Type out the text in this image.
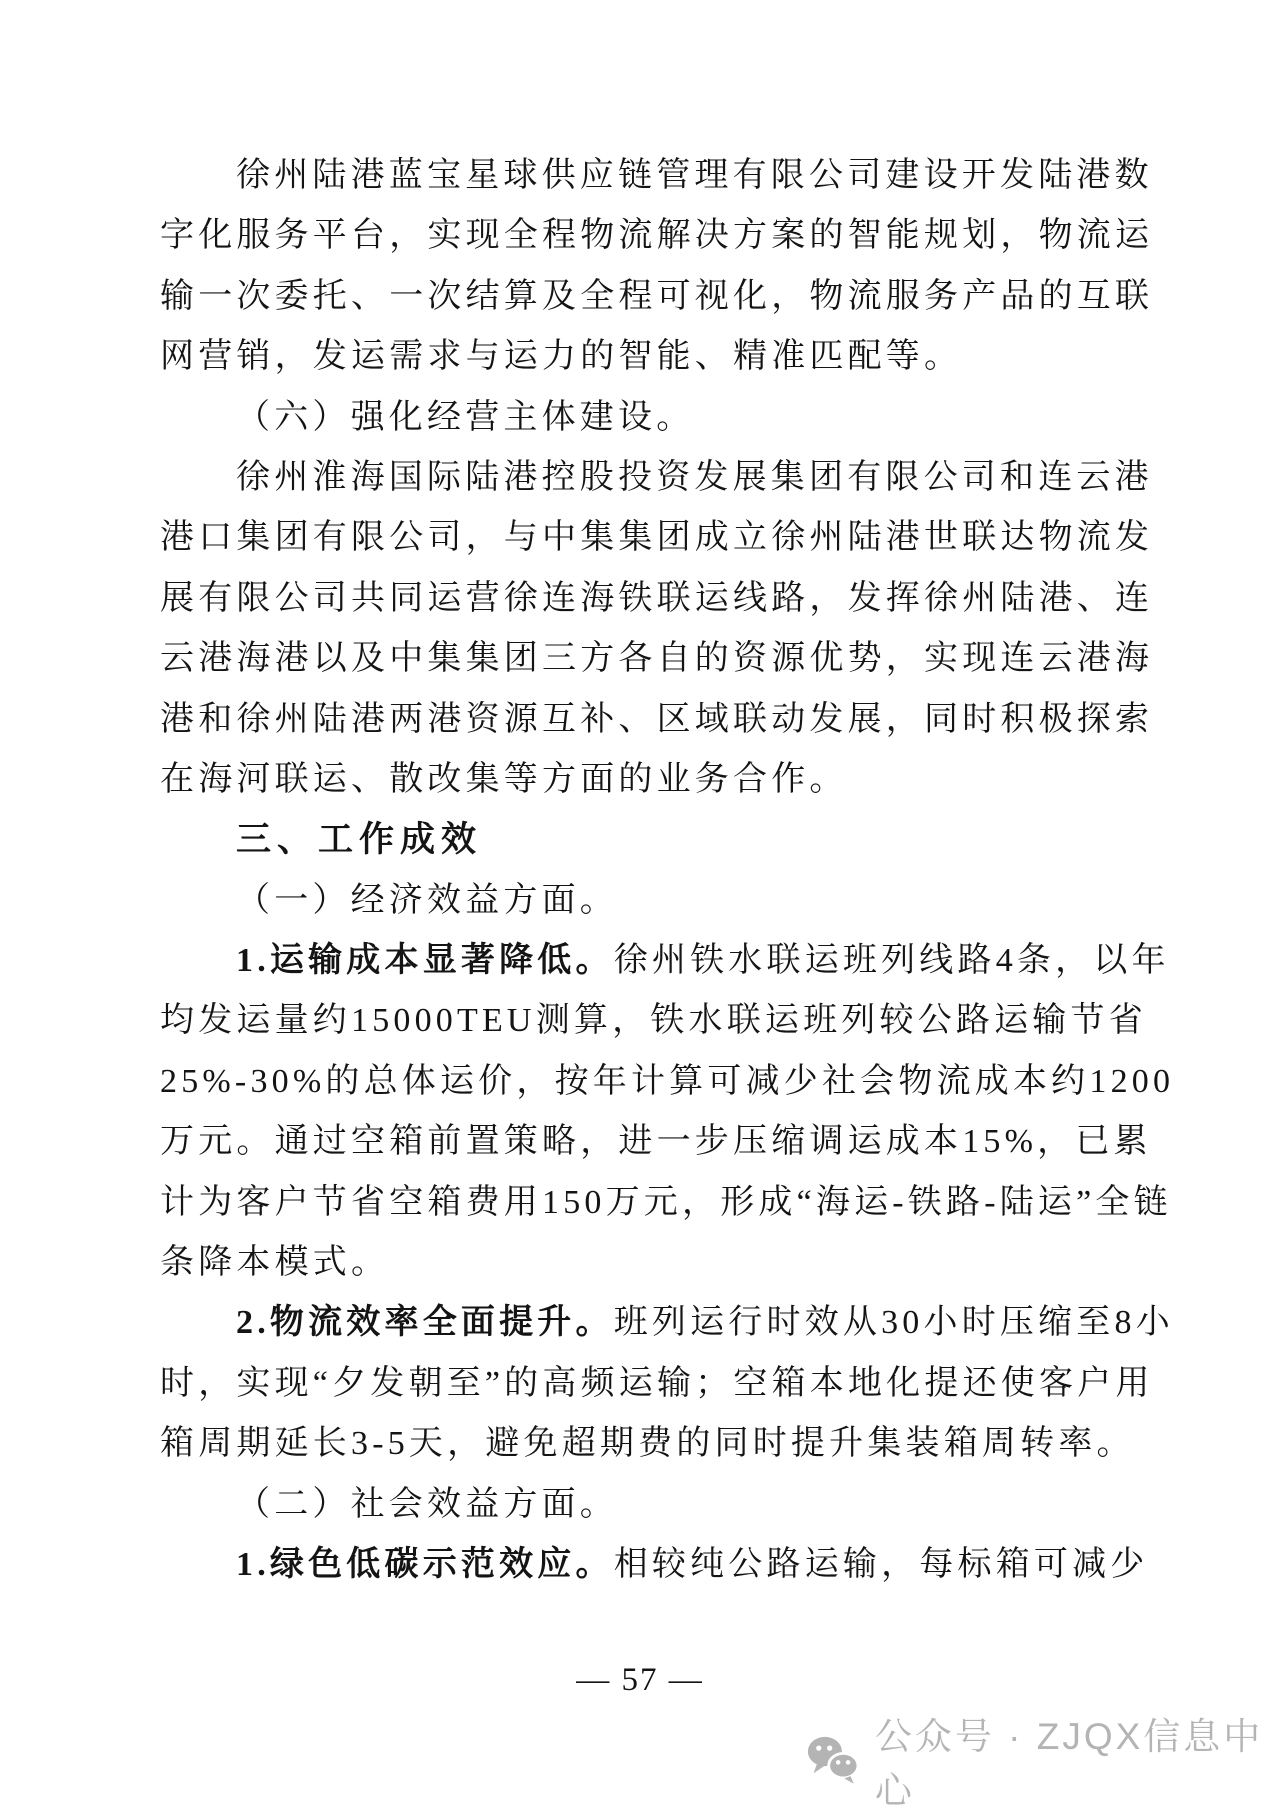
徐州陆港蓝宝星球供应链管理有限公司建设开发陆港数
字化服务平台，实现全程物流解决方案的智能规划，物流运
输一次委托、一次结算及全程可视化，物流服务产品的互联
网营销，发运需求与运力的智能、精准匹配等。
（六）强化经营主体建设。
徐州淮海国际陆港控股投资发展集团有限公司和连云港
港口集团有限公司，与中集集团成立徐州陆港世联达物流发
展有限公司共同运营徐连海铁联运线路，发挥徐州陆港、连
云港海港以及中集集团三方各自的资源优势，实现连云港海
港和徐州陆港两港资源互补、区域联动发展，同时积极探索
在海河联运、散改集等方面的业务合作。
三、工作成效
（一）经济效益方面。
1.运输成本显著降低。徐州铁水联运班列线路4条，以年
均发运量约15000TEU测算，铁水联运班列较公路运输节省
25%-30%的总体运价，按年计算可减少社会物流成本约1200
万元。通过空箱前置策略，进一步压缩调运成本15%，已累
计为客户节省空箱费用150万元，形成“海运-铁路-陆运”全链
条降本模式。
2.物流效率全面提升。班列运行时效从30小时压缩至8小
时，实现“夕发朝至”的高频运输；空箱本地化提还使客户用
箱周期延长3-5天，避免超期费的同时提升集装箱周转率。
（二）社会效益方面。
1.绿色低碳示范效应。相较纯公路运输，每标箱可减少
— 57 —
公众号 · ZJQX信息中心
